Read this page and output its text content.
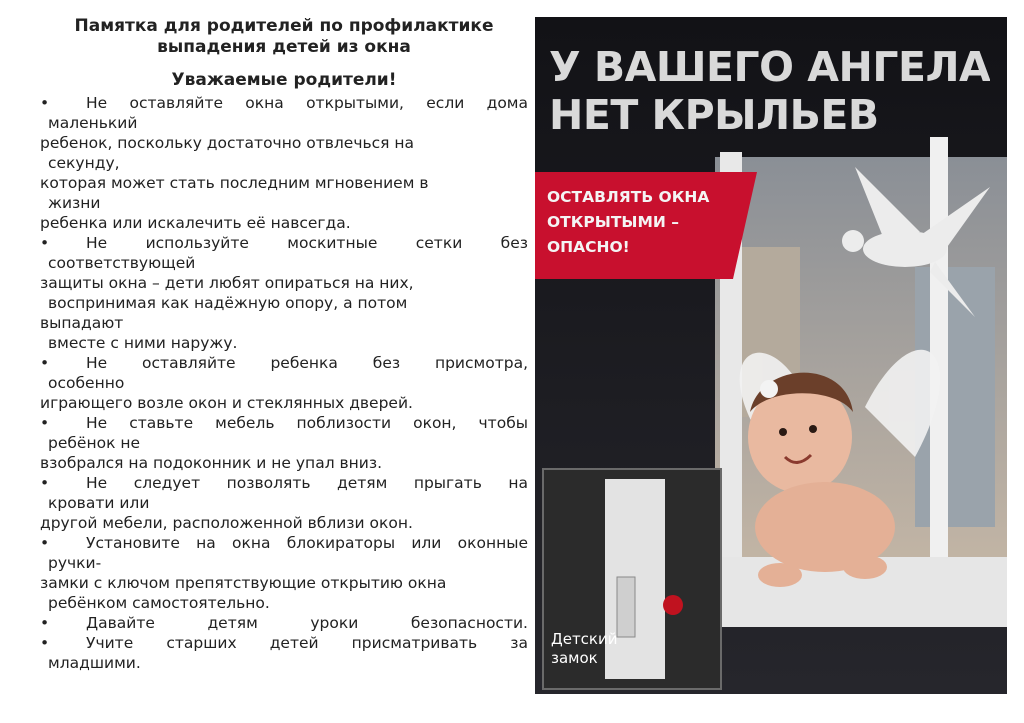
Памятка для родителей по профилактике
выпадения детей из окна
Уважаемые родители!
• Не оставляйте окна открытыми, если дома
маленький
ребенок, поскольку достаточно отвлечься на
секунду,
которая может стать последним мгновением в
жизни
ребенка или искалечить её навсегда.
• Не используйте москитные сетки без
соответствующей
защиты окна – дети любят опираться на них,
воспринимая как надёжную опору, а потом
выпадают
вместе с ними наружу.
• Не оставляйте ребенка без присмотра,
особенно
играющего возле окон и стеклянных дверей.
• Не ставьте мебель поблизости окон, чтобы
ребёнок не
взобрался на подоконник и не упал вниз.
• Не следует позволять детям прыгать на
кровати или
другой мебели, расположенной вблизи окон.
• Установите на окна блокираторы или оконные
ручки-
замки с ключом препятствующие открытию окна
ребёнком самостоятельно.
• Давайте детям уроки безопасности.
• Учите старших детей присматривать за
младшими.
У ВАШЕГО АНГЕЛА
НЕТ КРЫЛЬЕВ
ОСТАВЛЯТЬ ОКНА
ОТКРЫТЫМИ –
ОПАСНО!
Детский
замок
